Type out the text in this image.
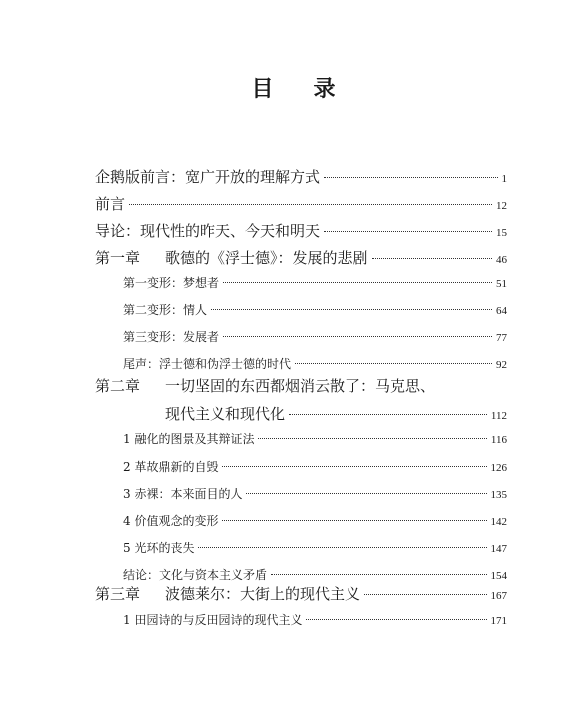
目 录
企鹅版前言：宽广开放的理解方式	1
前言	12
导论：现代性的昨天、今天和明天	15
第一章 歌德的《浮士德》：发展的悲剧	46
第一变形：梦想者	51
第二变形：情人	64
第三变形：发展者	77
尾声：浮士德和伪浮士德的时代	92
第二章 一切坚固的东西都烟消云散了：马克思、
现代主义和现代化	112
1 融化的图景及其辩证法	116
2 革故鼎新的自毁	126
3 赤裸：本来面目的人	135
4 价值观念的变形	142
5 光环的丧失	147
结论：文化与资本主义矛盾	154
第三章 波德莱尔：大街上的现代主义	167
1 田园诗的与反田园诗的现代主义	171
